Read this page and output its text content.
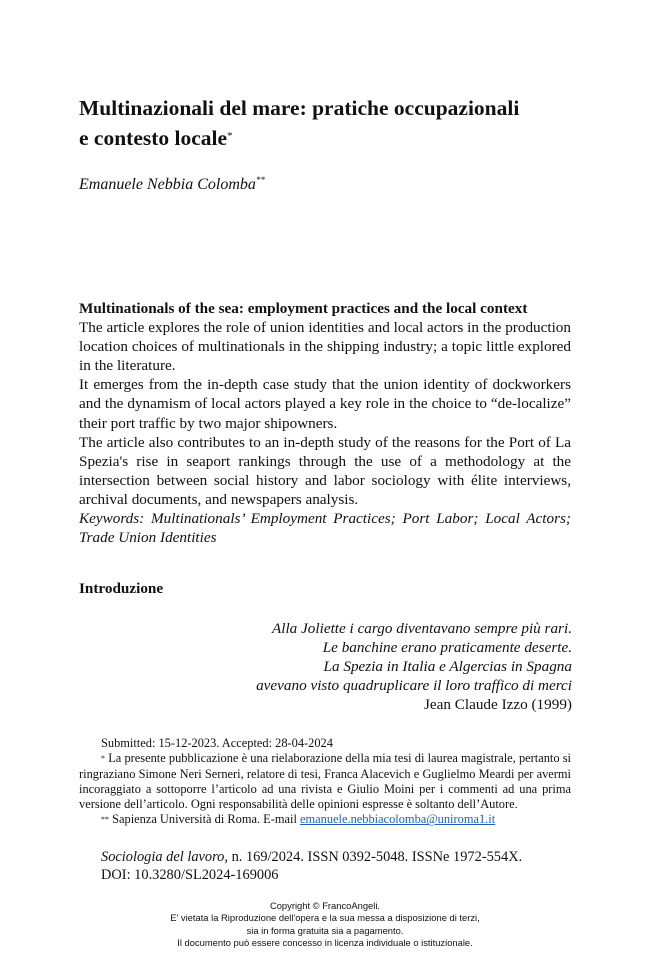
Multinazionali del mare: pratiche occupazionali
e contesto locale*
Emanuele Nebbia Colomba**

Multinationals of the sea: employment practices and the local context

The article explores the role of union identities and local actors in the production location choices of multinationals in the shipping industry; a topic little explored in the literature.

It emerges from the in-depth case study that the union identity of dockworkers and the dynamism of local actors played a key role in the choice to “de-localize” their port traffic by two major shipowners.

The article also contributes to an in-depth study of the reasons for the Port of La Spezia's rise in seaport rankings through the use of a methodology at the intersection between social history and labor sociology with élite interviews, archival documents, and newspapers analysis.

Keywords: Multinationals’ Employment Practices; Port Labor; Local Actors; Trade Union Identities

Introduzione
Alla Joliette i cargo diventavano sempre più rari.
Le banchine erano praticamente deserte.
La Spezia in Italia e Algercias in Spagna
avevano visto quadruplicare il loro traffico di merci
Jean Claude Izzo (1999)
Submitted: 15-12-2023. Accepted: 28-04-2024

* La presente pubblicazione è una rielaborazione della mia tesi di laurea magistrale, pertanto si ringraziano Simone Neri Serneri, relatore di tesi, Franca Alacevich e Guglielmo Meardi per avermi incoraggiato a sottoporre l’articolo ad una rivista e Giulio Moini per i commenti ad una prima versione dell’articolo. Ogni responsabilità delle opinioni espresse è soltanto dell’Autore.

** Sapienza Università di Roma. E-mail emanuele.nebbiacolomba@uniroma1.it
Sociologia del lavoro, n. 169/2024. ISSN 0392-5048. ISSNe 1972-554X.
DOI: 10.3280/SL2024-169006
Copyright © FrancoAngeli.
E' vietata la Riproduzione dell'opera e la sua messa a disposizione di terzi,
sia in forma gratuita sia a pagamento.
Il documento può essere concesso in licenza individuale o istituzionale.
